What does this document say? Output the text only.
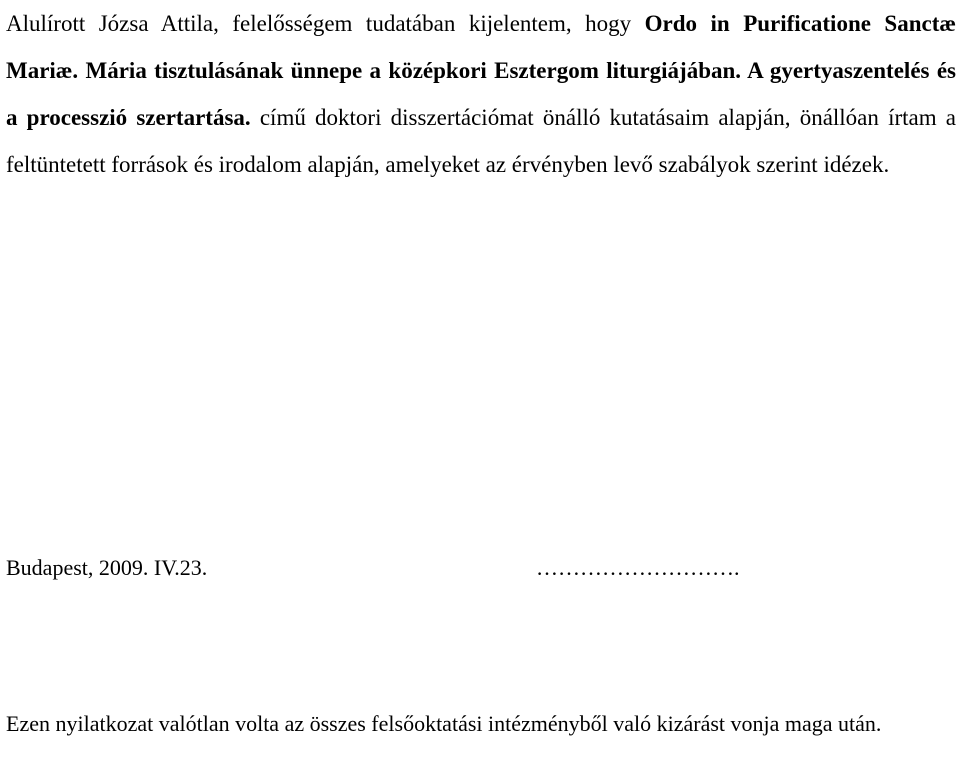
Alulírott Józsa Attila, felelősségem tudatában kijelentem, hogy Ordo in Purificatione Sanctæ Mariæ. Mária tisztulásának ünnepe a középkori Esztergom liturgiájában. A gyertyaszentelés és a processzió szertartása. című doktori disszertációmat önálló kutatásaim alapján, önállóan írtam a feltüntetett források és irodalom alapján, amelyeket az érvényben levő szabályok szerint idézek.

Budapest, 2009. IV.23.	……………………….

Ezen nyilatkozat valótlan volta az összes felsőoktatási intézményből való kizárást vonja maga után.
